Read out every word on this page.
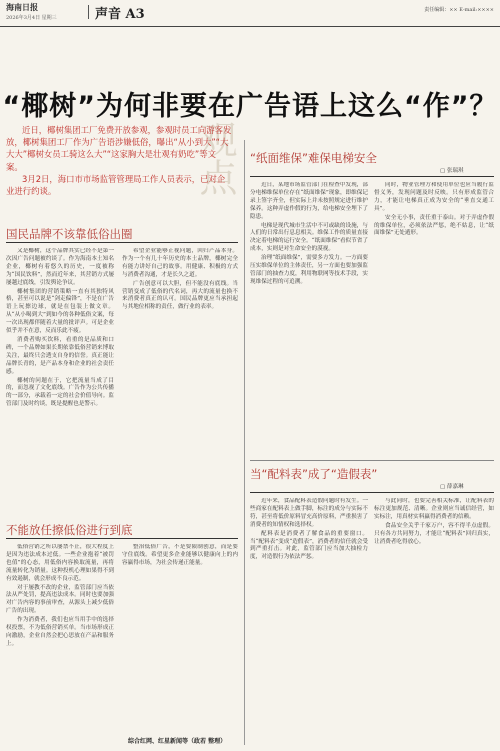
海南日报
2026年3月4日 星期三	声音 A3	责任编辑：×× E-mail:××××
“椰树”为何非要在广告语上这么“作”？
观点

近日，椰树集团工厂免费开放参观，参观时员工向游客发放，椰树集团工厂作为广告语涉嫌低俗，曝出“从小到大”“大大大”椰树女员工骑这么大”“这家胸大是壮观有奶吃”等文案。

3月2日，海口市市场监管管理局工作人员表示，已对企业进行约谈。

国民品牌不该靠低俗出圈

又是椰树，这个品牌其实已经不是第一次因广告问题被约谈了。作为海南本土知名企业，椰树有着悠久的历史，一度被称为“国民饮料”，然而近年来，其营销方式屡屡越过底线，引发舆论争议。

椰树集团的营销策略一直有其独特风格，甚至可以说是“剑走偏锋”，不是在广告语上玩擦边球，就是在包装上做文章。从“从小喝到大”到如今的各种低俗文案，每一次出现都伴随着大量的批评声。可是企业似乎并不在意，反而乐此不疲。

消费者购买饮料，看重的是品质和口碑，一个品牌如果长期依靠低俗营销来博取关注，最终只会透支自身的信誉。真正能让品牌长青的，是产品本身和企业的社会责任感。

椰树的问题在于，它把流量当成了目的，而忽视了文化底线。广告作为公共传播的一部分，承载着一定的社会价值导向。监管部门及时约谈，既是提醒也是警示。

希望企业能够正视问题，回归产品本身。作为一个有几十年历史的本土品牌，椰树完全有能力讲好自己的故事。用健康、积极的方式与消费者沟通，才是长久之道。

广告创意可以大胆，但不能没有底线。当营销变成了低俗的代名词，再大的流量也换不来消费者真正的认可。国民品牌更应当承担起与其地位相称的责任，做行业的表率。

不能放任擦低俗进行到底

低俗营销之所以屡禁不止，很大程度上是因为违法成本过低。一些企业抱着“被罚也值”的心态，用低俗内容换取流量，再将流量转化为销量。这种投机心理如果得不到有效遏制，就会形成不良示范。

对于屡教不改的企业，监管部门应当依法从严处罚，提高违法成本。同时也要加强对广告内容的事前审查，从源头上减少低俗广告的出现。

作为消费者，我们也应当用手中的选择权投票，不为低俗营销买单。当市场形成正向激励，企业自然会把心思放在产品和服务上。

整治低俗广告，不是要限制创意，而是要守住底线。希望更多企业能够以健康向上的内容赢得市场，为社会传递正能量。

综合红网、红星新闻等（政若 整理）
“纸面维保”难保电梯安全
▢ 张瑞琪

近日，某地市场监管部门在检查中发现，部分电梯维保单位存在“纸面维保”现象，即维保记录上签字齐全，但实际上并未按照规定进行维护保养。这种弄虚作假的行为，给电梯安全埋下了隐患。

电梯是现代城市生活中不可或缺的设施，与人们的日常出行息息相关。维保工作的质量直接决定着电梯的运行安全。“纸面维保”看似节省了成本，实则是对生命安全的漠视。

治理“纸面维保”，需要多方发力。一方面要压实维保单位的主体责任，另一方面也要加强监管部门的抽查力度，利用物联网等技术手段，实现维保过程的可追溯。

同时，物业管理方和使用单位也应当履行监督义务，发现问题及时反映。只有形成监管合力，才能让电梯真正成为安全的“垂直交通工具”。

安全无小事，责任重于泰山。对于弄虚作假的维保单位，必须依法严惩，绝不姑息，让“纸面维保”无处遁形。

当“配料表”成了“造假表”
▢ 薛嘉琳

近年来，食品配料表造假问题时有发生。一些商家在配料表上做手脚，标注的成分与实际不符，甚至将低价原料冒充高价原料，严重损害了消费者的知情权和选择权。

配料表是消费者了解食品的重要窗口。当“配料表”变成“造假表”，消费者的信任就会受到严重打击。对此，监管部门应当加大抽检力度，对造假行为依法严惩。

与此同时，也要完善相关标准，让配料表的标注更加规范、清晰。企业则应当诚信经营，如实标注，用真材实料赢得消费者的信赖。

食品安全关乎千家万户，容不得半点虚假。只有各方共同努力，才能让“配料表”回归真实，让消费者吃得放心。
